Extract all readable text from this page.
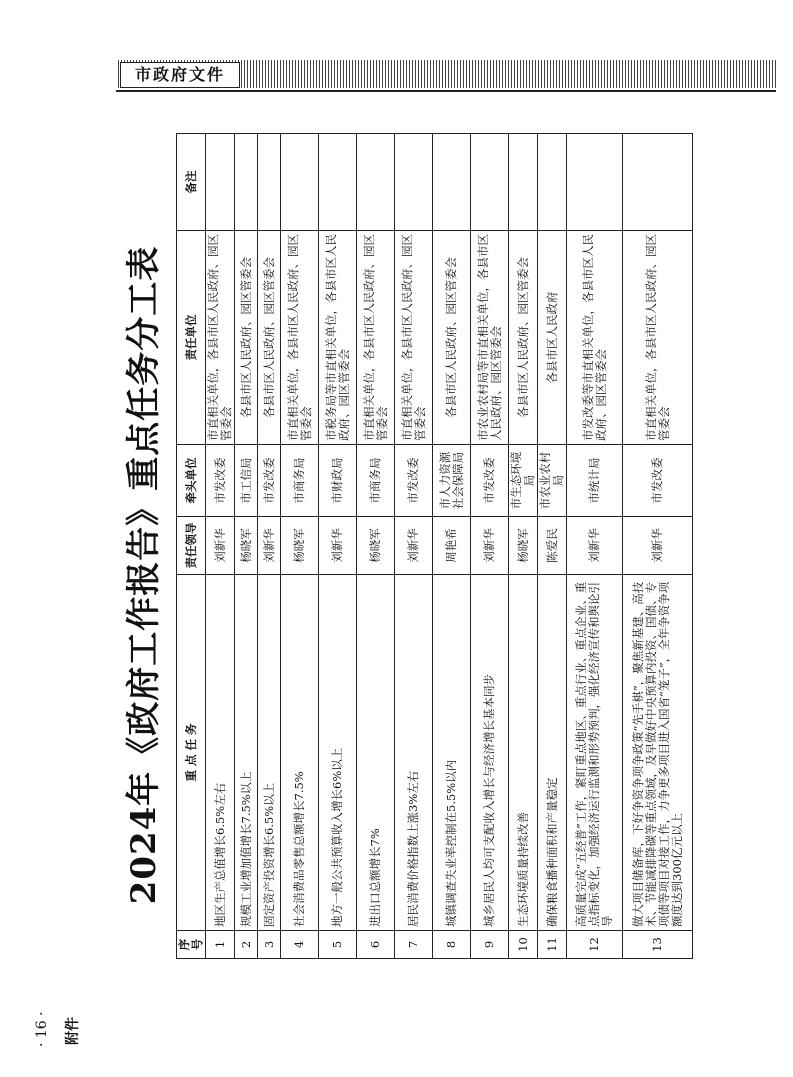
市政府文件
· 16 · 附件
2024年《政府工作报告》重点任务分工表
序号	重 点 任 务	责任领导	牵头单位	责任单位	备注
1	地区生产总值增长6.5%左右	刘新华	市发改委	市直相关单位，各县市区人民政府、园区管委会	
2	规模工业增加值增长7.5%以上	杨晓军	市工信局	各县市区人民政府、园区管委会	
3	固定资产投资增长6.5%以上	刘新华	市发改委	各县市区人民政府、园区管委会	
4	社会消费品零售总额增长7.5%	杨晓军	市商务局	市直相关单位，各县市区人民政府、园区管委会	
5	地方一般公共预算收入增长6%以上	刘新华	市财政局	市税务局等市直相关单位，各县市区人民政府、园区管委会	
6	进出口总额增长7%	杨晓军	市商务局	市直相关单位，各县市区人民政府、园区管委会	
7	居民消费价格指数上涨3%左右	刘新华	市发改委	市直相关单位，各县市区人民政府、园区管委会	
8	城镇调查失业率控制在5.5%以内	周艳希	市人力资源社会保障局	各县市区人民政府、园区管委会	
9	城乡居民人均可支配收入增长与经济增长基本同步	刘新华	市发改委	市农业农村局等市直相关单位，各县市区人民政府、园区管委会	
10	生态环境质量持续改善	杨晓军	市生态环境局	各县市区人民政府、园区管委会	
11	确保粮食播种面积和产量稳定	陈爱民	市农业农村局	各县市区人民政府	
12	高质量完成“五经普”工作，紧盯重点地区、重点行业、重点企业、重点指标变化，加强经济运行监测和形势预判，强化经济宣传和舆论引导	刘新华	市统计局	市发改委等市直相关单位，各县市区人民政府、园区管委会	
13	做大项目储备库，下好争资争项争政策“先手棋”，聚焦新基建、高技术、节能减排降碳等重点领域，及早做好中央预算内投资、国债、专项债等项目对接工作，力争更多项目进入国省“笼子”，全年争资争项额度达到300亿元以上	刘新华	市发改委	市直相关单位，各县市区人民政府、园区管委会	
